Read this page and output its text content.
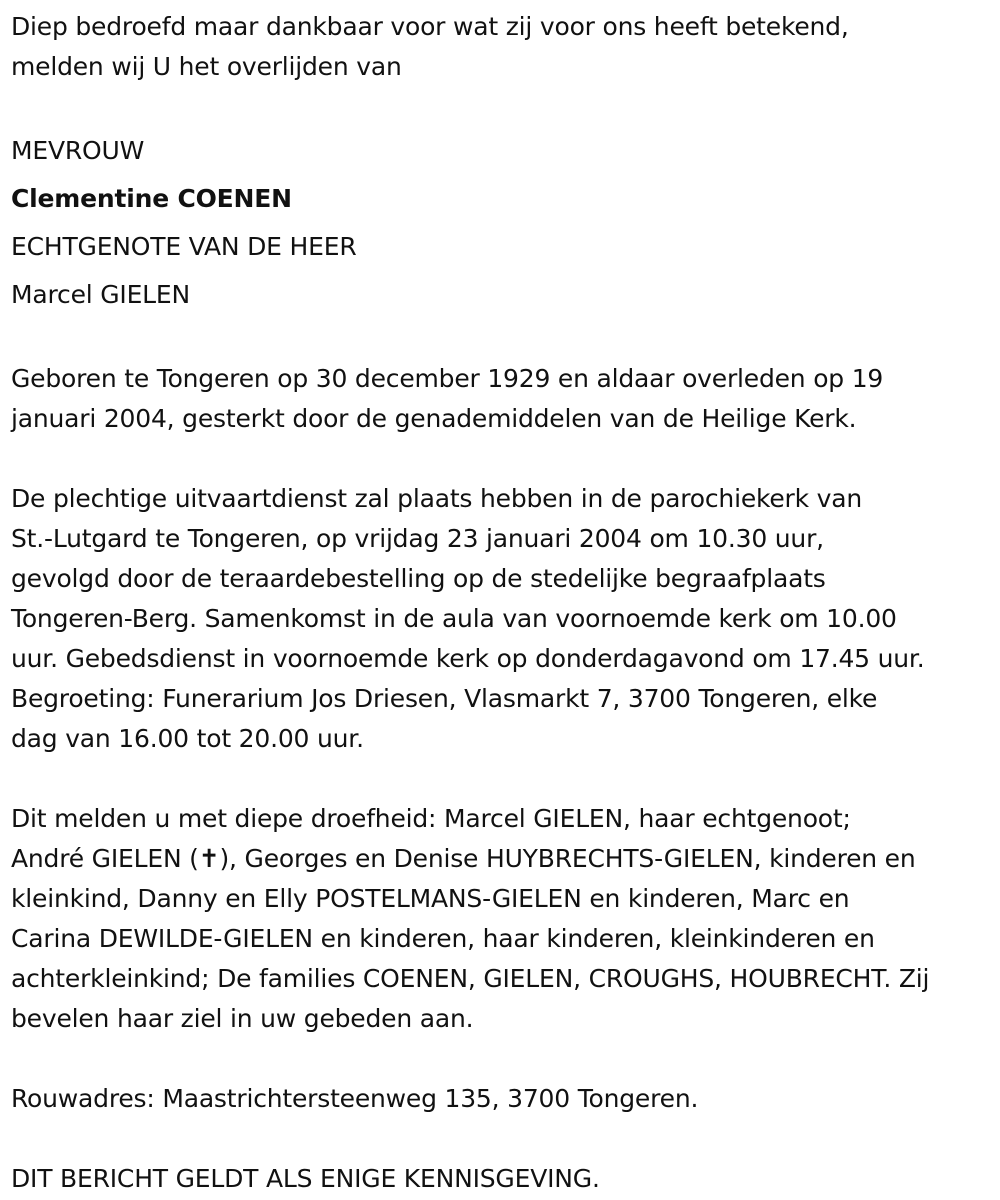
Diep bedroefd maar dankbaar voor wat zij voor ons heeft betekend,
melden wij U het overlijden van

MEVROUW
Clementine COENEN
ECHTGENOTE VAN DE HEER
Marcel GIELEN

Geboren te Tongeren op 30 december 1929 en aldaar overleden op 19
januari 2004, gesterkt door de genademiddelen van de Heilige Kerk.

De plechtige uitvaartdienst zal plaats hebben in de parochiekerk van
St.-Lutgard te Tongeren, op vrijdag 23 januari 2004 om 10.30 uur,
gevolgd door de teraardebestelling op de stedelijke begraafplaats
Tongeren-Berg. Samenkomst in de aula van voornoemde kerk om 10.00
uur. Gebedsdienst in voornoemde kerk op donderdagavond om 17.45 uur.
Begroeting: Funerarium Jos Driesen, Vlasmarkt 7, 3700 Tongeren, elke
dag van 16.00 tot 20.00 uur.

Dit melden u met diepe droefheid: Marcel GIELEN, haar echtgenoot;
André GIELEN (✝), Georges en Denise HUYBRECHTS-GIELEN, kinderen en
kleinkind, Danny en Elly POSTELMANS-GIELEN en kinderen, Marc en
Carina DEWILDE-GIELEN en kinderen, haar kinderen, kleinkinderen en
achterkleinkind; De families COENEN, GIELEN, CROUGHS, HOUBRECHT. Zij
bevelen haar ziel in uw gebeden aan.

Rouwadres: Maastrichtersteenweg 135, 3700 Tongeren.

DIT BERICHT GELDT ALS ENIGE KENNISGEVING.
